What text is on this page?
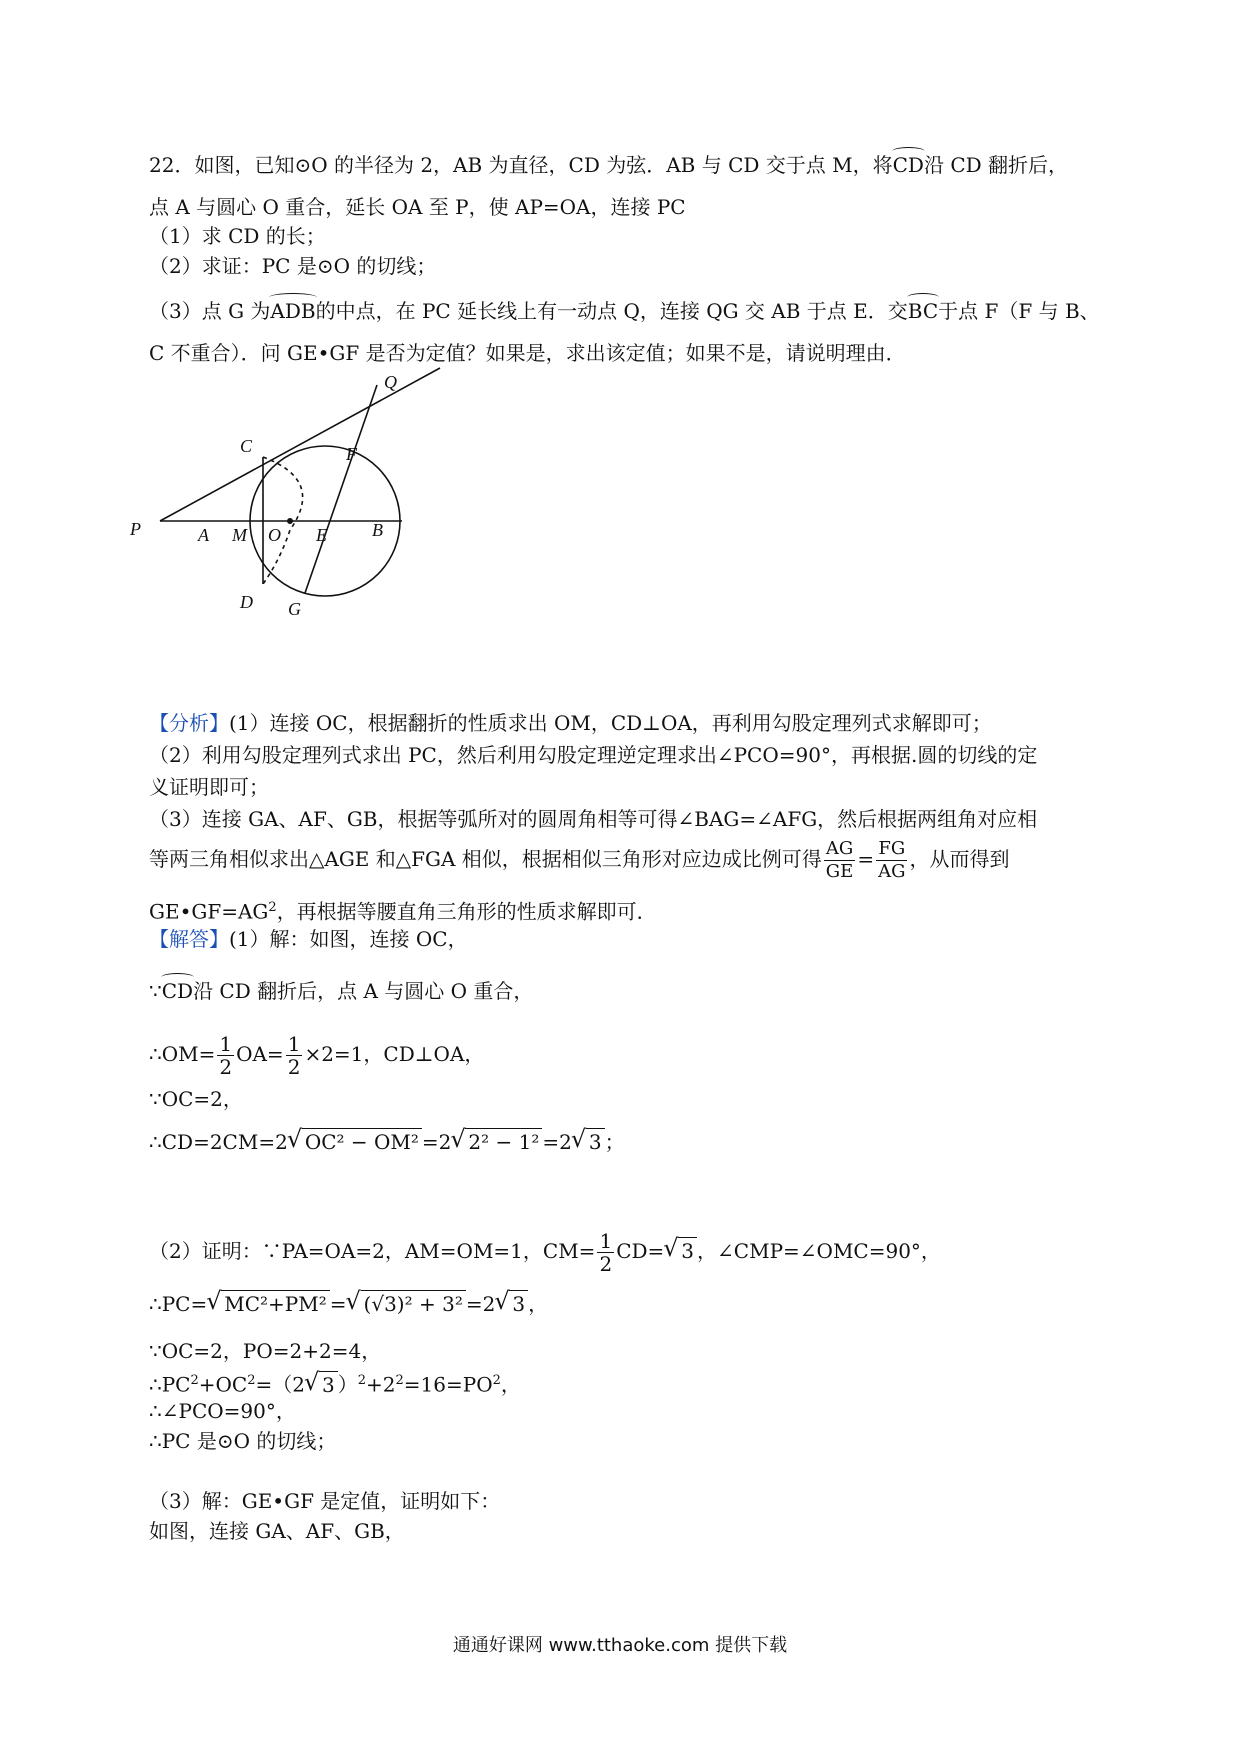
22．如图，已知⊙O 的半径为 2，AB 为直径，CD 为弦．AB 与 CD 交于点 M，将CD沿 CD 翻折后，
点 A 与圆心 O 重合，延长 OA 至 P，使 AP=OA，连接 PC
（1）求 CD 的长；
（2）求证：PC 是⊙O 的切线；
（3）点 G 为ADB的中点，在 PC 延长线上有一动点 Q，连接 QG 交 AB 于点 E．交BC于点 F（F 与 B、
C 不重合）．问 GE•GF 是否为定值？如果是，求出该定值；如果不是，请说明理由．
C	F
P	A M O E	B
D G
Q
【分析】(1）连接 OC，根据翻折的性质求出 OM，CD⊥OA，再利用勾股定理列式求解即可；
（2）利用勾股定理列式求出 PC，然后利用勾股定理逆定理求出∠PCO=90°，再根据.圆的切线的定
义证明即可；
（3）连接 GA、AF、GB，根据等弧所对的圆周角相等可得∠BAG=∠AFG，然后根据两组角对应相
等两三角相似求出△AGE 和△FGA 相似，根据相似三角形对应边成比例可得 $\frac{AG}{GE} = \frac{FG}{AG}$ ，从而得到
$GE•GF=AG^2$，再根据等腰直角三角形的性质求解即可．
【解答】(1）解：如图，连接 OC，
∵CD沿 CD 翻折后，点 A 与圆心 O 重合，
∴OM= $\frac{1}{2} OA= \frac{1}{2} \times 2=1$，CD⊥OA，
∵OC=2，
∴CD=2CM=2√ OC² − OM² =2√ 2² − 1² =2√ 3 ；
（2）证明：∵PA=OA=2，AM=OM=1，$CM= \frac{1}{2} CD=√$ 3 ，∠CMP=∠OMC=90°，
∴PC=√ MC²+PM² =√ (√3)² + 3² =2√ 3 ，
∵OC=2，PO=2+2=4，
$\therefore PC^2+OC^2=(2√$ 3 ）$^2+2^2=16=PO^2$，
∴∠PCO=90°，
∴PC 是⊙O 的切线；
（3）解：GE•GF 是定值，证明如下：
如图，连接 GA、AF、GB，
通通好课网 www.tthaoke.com 提供下载
